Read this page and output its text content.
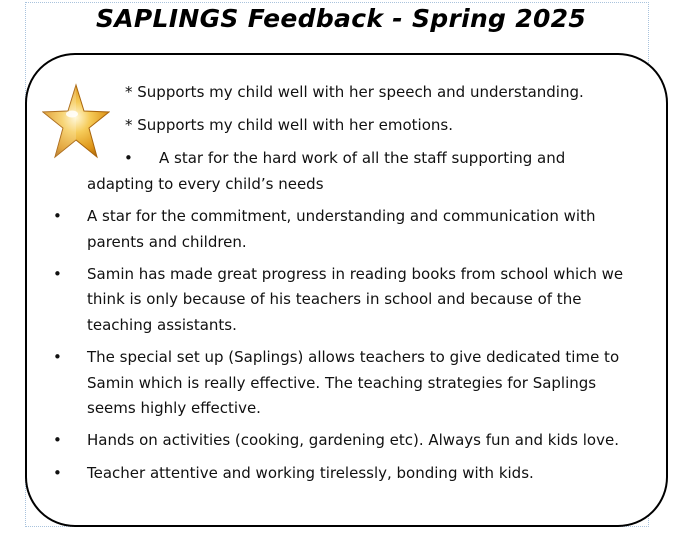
SAPLINGS Feedback - Spring 2025

* Supports my child well with her speech and understanding.

* Supports my child well with her emotions.

• A star for the hard work of all the staff supporting and

adapting to every child’s needs

• A star for the commitment, understanding and communication with

parents and children.

• Samin has made great progress in reading books from school which we

think is only because of his teachers in school and because of the

teaching assistants.

• The special set up (Saplings) allows teachers to give dedicated time to

Samin which is really effective. The teaching strategies for Saplings

seems highly effective.

• Hands on activities (cooking, gardening etc). Always fun and kids love.

• Teacher attentive and working tirelessly, bonding with kids.
